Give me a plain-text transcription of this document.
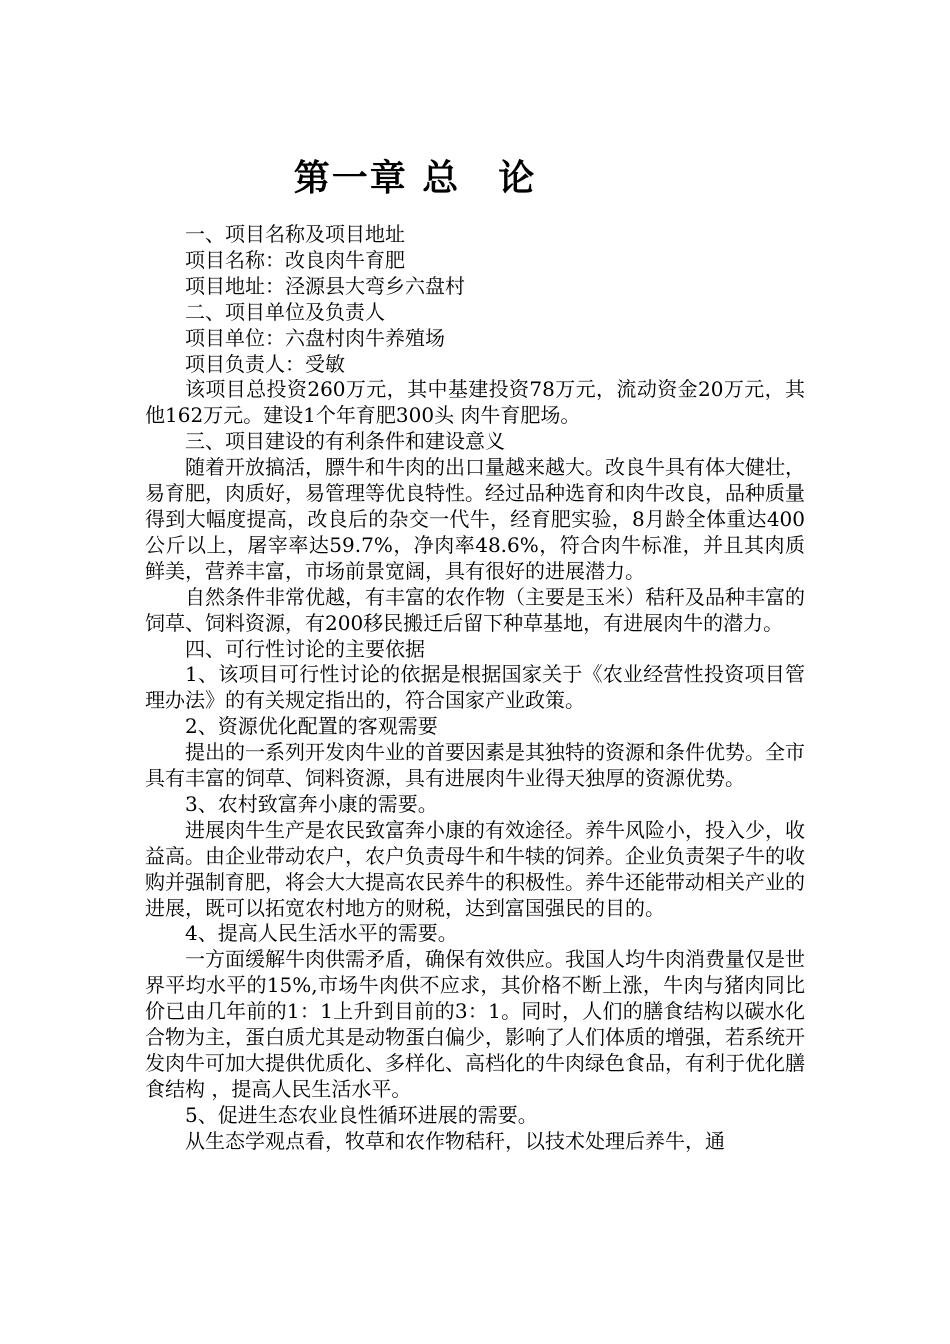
第一章 总　论

一、项目名称及项目地址

项目名称：改良肉牛育肥

项目地址：泾源县大弯乡六盘村

二、项目单位及负责人

项目单位：六盘村肉牛养殖场

项目负责人：受敏

该项目总投资260万元，其中基建投资78万元，流动资金20万元，其他162万元。建设1个年育肥300头 肉牛育肥场。

三、项目建设的有利条件和建设意义

随着开放搞活，膘牛和牛肉的出口量越来越大。改良牛具有体大健壮，易育肥，肉质好，易管理等优良特性。经过品种选育和肉牛改良，品种质量得到大幅度提高，改良后的杂交一代牛，经育肥实验，8月龄全体重达400公斤以上，屠宰率达59.7%，净肉率48.6%，符合肉牛标准，并且其肉质鲜美，营养丰富，市场前景宽阔，具有很好的进展潜力。

自然条件非常优越，有丰富的农作物（主要是玉米）秸秆及品种丰富的饲草、饲料资源，有200移民搬迁后留下种草基地，有进展肉牛的潜力。

四、可行性讨论的主要依据

1、该项目可行性讨论的依据是根据国家关于《农业经营性投资项目管理办法》的有关规定指出的，符合国家产业政策。

2、资源优化配置的客观需要

提出的一系列开发肉牛业的首要因素是其独特的资源和条件优势。全市具有丰富的饲草、饲料资源，具有进展肉牛业得天独厚的资源优势。

3、农村致富奔小康的需要。

进展肉牛生产是农民致富奔小康的有效途径。养牛风险小，投入少，收益高。由企业带动农户，农户负责母牛和牛犊的饲养。企业负责架子牛的收购并强制育肥，将会大大提高农民养牛的积极性。养牛还能带动相关产业的进展，既可以拓宽农村地方的财税，达到富国强民的目的。

4、提高人民生活水平的需要。

一方面缓解牛肉供需矛盾，确保有效供应。我国人均牛肉消费量仅是世界平均水平的15%,市场牛肉供不应求，其价格不断上涨，牛肉与猪肉同比价已由几年前的1：1上升到目前的3：1。同时，人们的膳食结构以碳水化合物为主，蛋白质尤其是动物蛋白偏少，影响了人们体质的增强，若系统开发肉牛可加大提供优质化、多样化、高档化的牛肉绿色食品，有利于优化膳食结构 ，提高人民生活水平。

5、促进生态农业良性循环进展的需要。

从生态学观点看，牧草和农作物秸秆，以技术处理后养牛，通
